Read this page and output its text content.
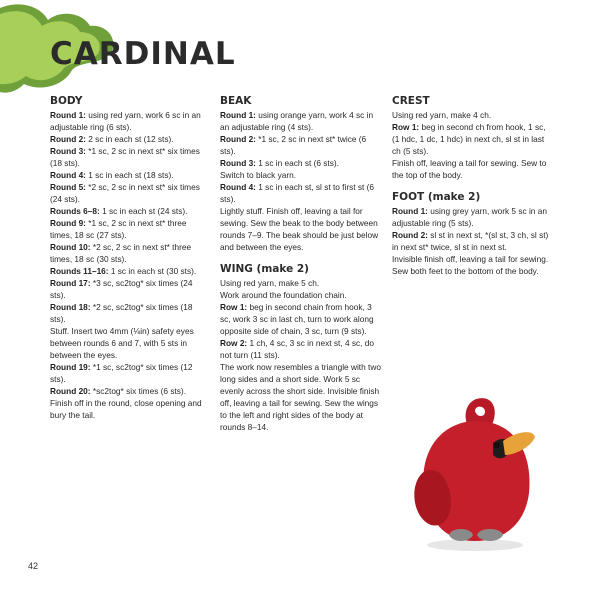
CARDINAL
BODY

Round 1: using red yarn, work 6 sc in an adjustable ring (6 sts).

Round 2: 2 sc in each st (12 sts).

Round 3: *1 sc, 2 sc in next st* six times (18 sts).

Round 4: 1 sc in each st (18 sts).

Round 5: *2 sc, 2 sc in next st* six times (24 sts).

Rounds 6–8: 1 sc in each st (24 sts).

Round 9: *1 sc, 2 sc in next st* three times, 18 sc (27 sts).

Round 10: *2 sc, 2 sc in next st* three times, 18 sc (30 sts).

Rounds 11–16: 1 sc in each st (30 sts).

Round 17: *3 sc, sc2tog* six times (24 sts).

Round 18: *2 sc, sc2tog* six times (18 sts).

Stuff. Insert two 4mm (⅛in) safety eyes between rounds 6 and 7, with 5 sts in between the eyes.

Round 19: *1 sc, sc2tog* six times (12 sts).

Round 20: *sc2tog* six times (6 sts).

Finish off in the round, close opening and bury the tail.

BEAK

Round 1: using orange yarn, work 4 sc in an adjustable ring (4 sts).

Round 2: *1 sc, 2 sc in next st* twice (6 sts).

Round 3: 1 sc in each st (6 sts).

Switch to black yarn.

Round 4: 1 sc in each st, sl st to first st (6 sts).

Lightly stuff. Finish off, leaving a tail for sewing. Sew the beak to the body between rounds 7–9. The beak should be just below and between the eyes.

WING (make 2)

Using red yarn, make 5 ch.

Work around the foundation chain.

Row 1: beg in second chain from hook, 3 sc, work 3 sc in last ch, turn to work along opposite side of chain, 3 sc, turn (9 sts).

Row 2: 1 ch, 4 sc, 3 sc in next st, 4 sc, do not turn (11 sts).

The work now resembles a triangle with two long sides and a short side. Work 5 sc evenly across the short side. Invisible finish off, leaving a tail for sewing. Sew the wings to the left and right sides of the body at rounds 8–14.

CREST

Using red yarn, make 4 ch.

Row 1: beg in second ch from hook, 1 sc, (1 hdc, 1 dc, 1 hdc) in next ch, sl st in last ch (5 sts).

Finish off, leaving a tail for sewing. Sew to the top of the body.

FOOT (make 2)

Round 1: using grey yarn, work 5 sc in an adjustable ring (5 sts).

Round 2: sl st in next st, *(sl st, 3 ch, sl st) in next st* twice, sl st in next st.

Invisible finish off, leaving a tail for sewing. Sew both feet to the bottom of the body.

42
